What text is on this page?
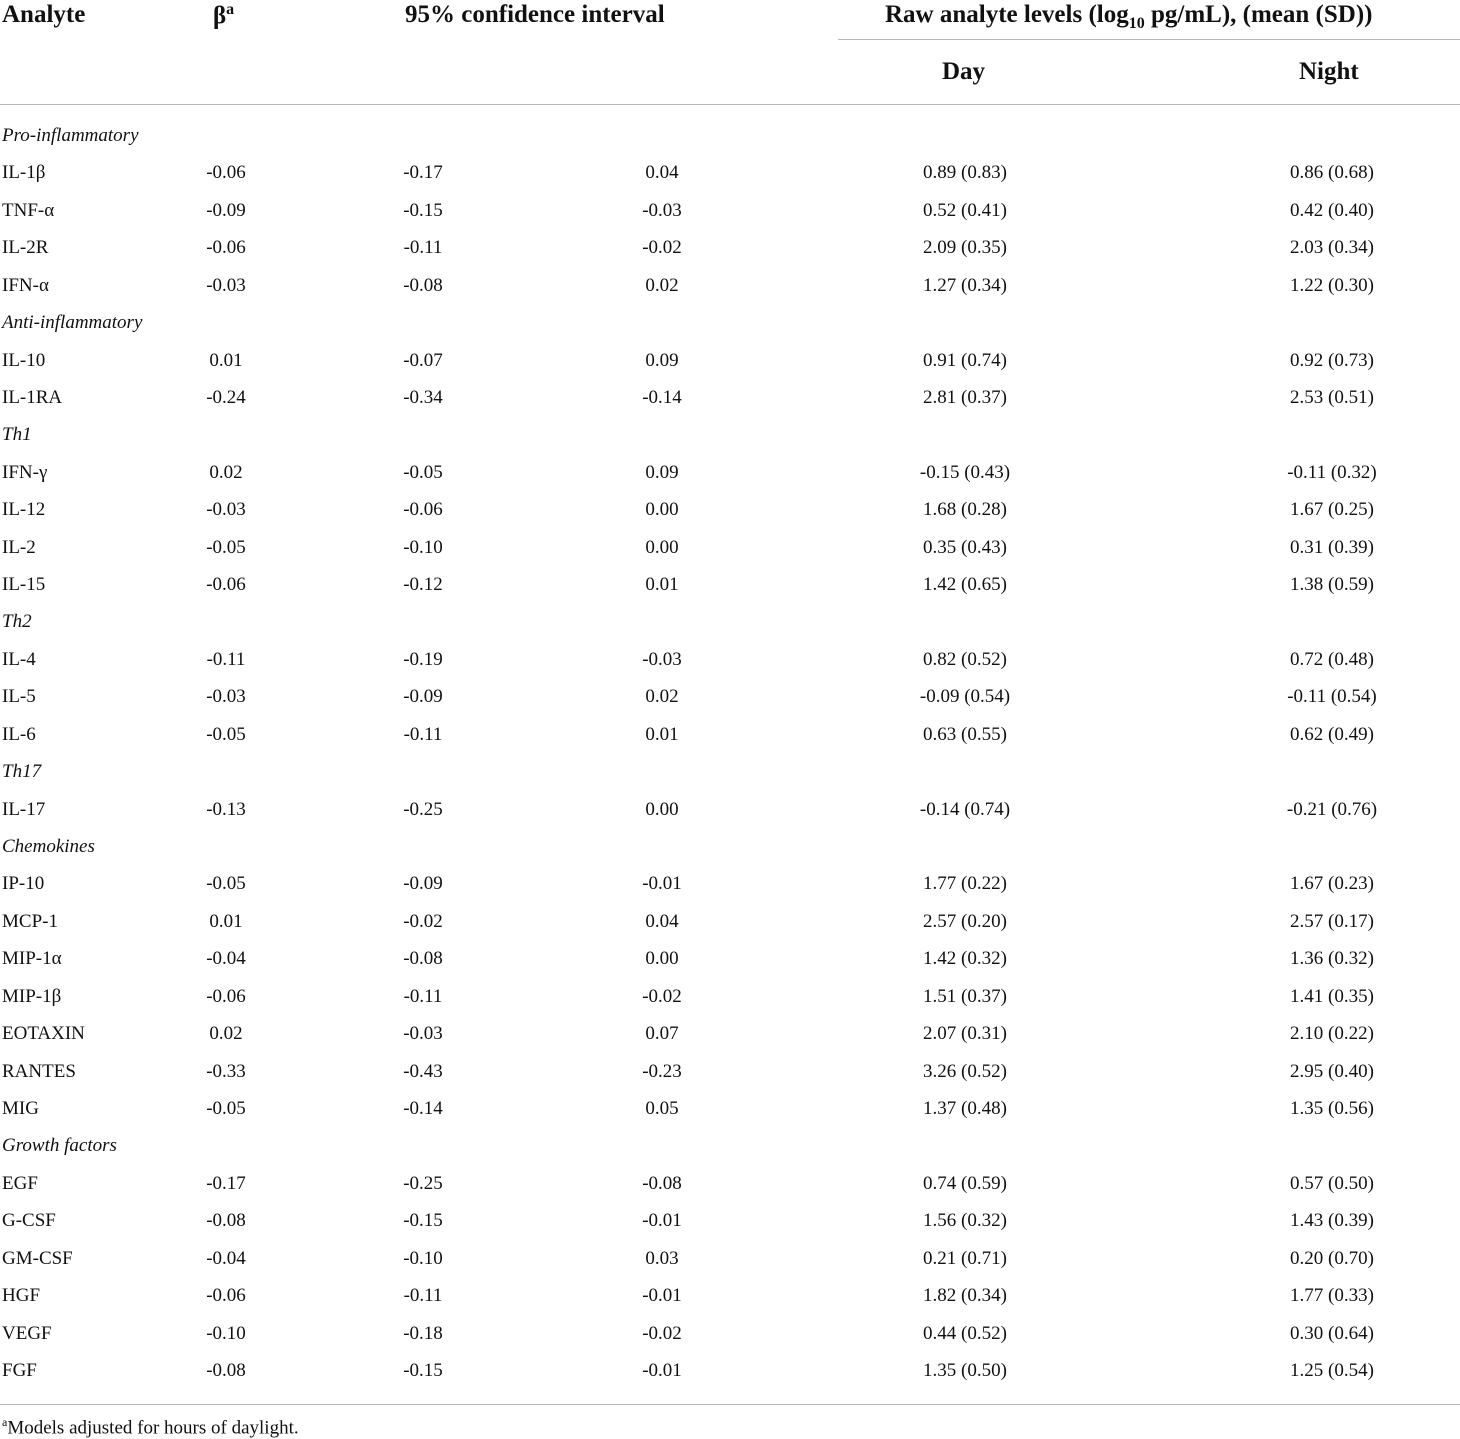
Analyte	$\beta^a$	95% confidence interval	Raw analyte levels ($\log_{10}$ pg/mL), (mean (SD))
Day	Night
Pro-inflammatory
IL-1β	-0.06	-0.17	0.04	0.89 (0.83)	0.86 (0.68)
TNF-α	-0.09	-0.15	-0.03	0.52 (0.41)	0.42 (0.40)
IL-2R	-0.06	-0.11	-0.02	2.09 (0.35)	2.03 (0.34)
IFN-α	-0.03	-0.08	0.02	1.27 (0.34)	1.22 (0.30)
Anti-inflammatory
IL-10	0.01	-0.07	0.09	0.91 (0.74)	0.92 (0.73)
IL-1RA	-0.24	-0.34	-0.14	2.81 (0.37)	2.53 (0.51)
Th1
IFN-γ	0.02	-0.05	0.09	-0.15 (0.43)	-0.11 (0.32)
IL-12	-0.03	-0.06	0.00	1.68 (0.28)	1.67 (0.25)
IL-2	-0.05	-0.10	0.00	0.35 (0.43)	0.31 (0.39)
IL-15	-0.06	-0.12	0.01	1.42 (0.65)	1.38 (0.59)
Th2
IL-4	-0.11	-0.19	-0.03	0.82 (0.52)	0.72 (0.48)
IL-5	-0.03	-0.09	0.02	-0.09 (0.54)	-0.11 (0.54)
IL-6	-0.05	-0.11	0.01	0.63 (0.55)	0.62 (0.49)
Th17
IL-17	-0.13	-0.25	0.00	-0.14 (0.74)	-0.21 (0.76)
Chemokines
IP-10	-0.05	-0.09	-0.01	1.77 (0.22)	1.67 (0.23)
MCP-1	0.01	-0.02	0.04	2.57 (0.20)	2.57 (0.17)
MIP-1α	-0.04	-0.08	0.00	1.42 (0.32)	1.36 (0.32)
MIP-1β	-0.06	-0.11	-0.02	1.51 (0.37)	1.41 (0.35)
EOTAXIN	0.02	-0.03	0.07	2.07 (0.31)	2.10 (0.22)
RANTES	-0.33	-0.43	-0.23	3.26 (0.52)	2.95 (0.40)
MIG	-0.05	-0.14	0.05	1.37 (0.48)	1.35 (0.56)
Growth factors
EGF	-0.17	-0.25	-0.08	0.74 (0.59)	0.57 (0.50)
G-CSF	-0.08	-0.15	-0.01	1.56 (0.32)	1.43 (0.39)
GM-CSF	-0.04	-0.10	0.03	0.21 (0.71)	0.20 (0.70)
HGF	-0.06	-0.11	-0.01	1.82 (0.34)	1.77 (0.33)
VEGF	-0.10	-0.18	-0.02	0.44 (0.52)	0.30 (0.64)
FGF	-0.08	-0.15	-0.01	1.35 (0.50)	1.25 (0.54)
$^a$Models adjusted for hours of daylight.
